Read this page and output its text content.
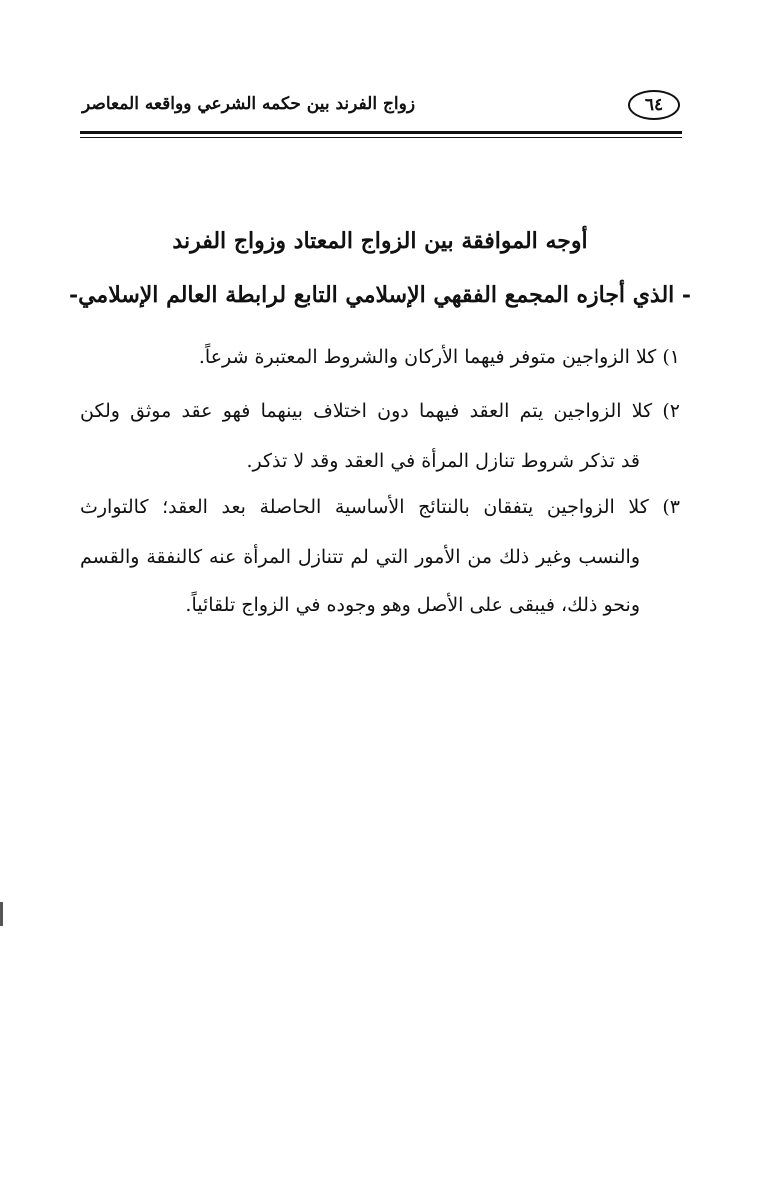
٦٤
زواج الفرند بين حكمه الشرعي وواقعه المعاصر
أوجه الموافقة بين الزواج المعتاد وزواج الفرند
- الذي أجازه المجمع الفقهي الإسلامي التابع لرابطة العالم الإسلامي-
١) كلا الزواجين متوفر فيهما الأركان والشروط المعتبرة شرعاً.
٢) كلا الزواجين يتم العقد فيهما دون اختلاف بينهما فهو عقد موثق ولكن
قد تذكر شروط تنازل المرأة في العقد وقد لا تذكر.
٣) كلا الزواجين يتفقان بالنتائج الأساسية الحاصلة بعد العقد؛ كالتوارث
والنسب وغير ذلك من الأمور التي لم تتنازل المرأة عنه كالنفقة والقسم
ونحو ذلك، فيبقى على الأصل وهو وجوده في الزواج تلقائياً.
